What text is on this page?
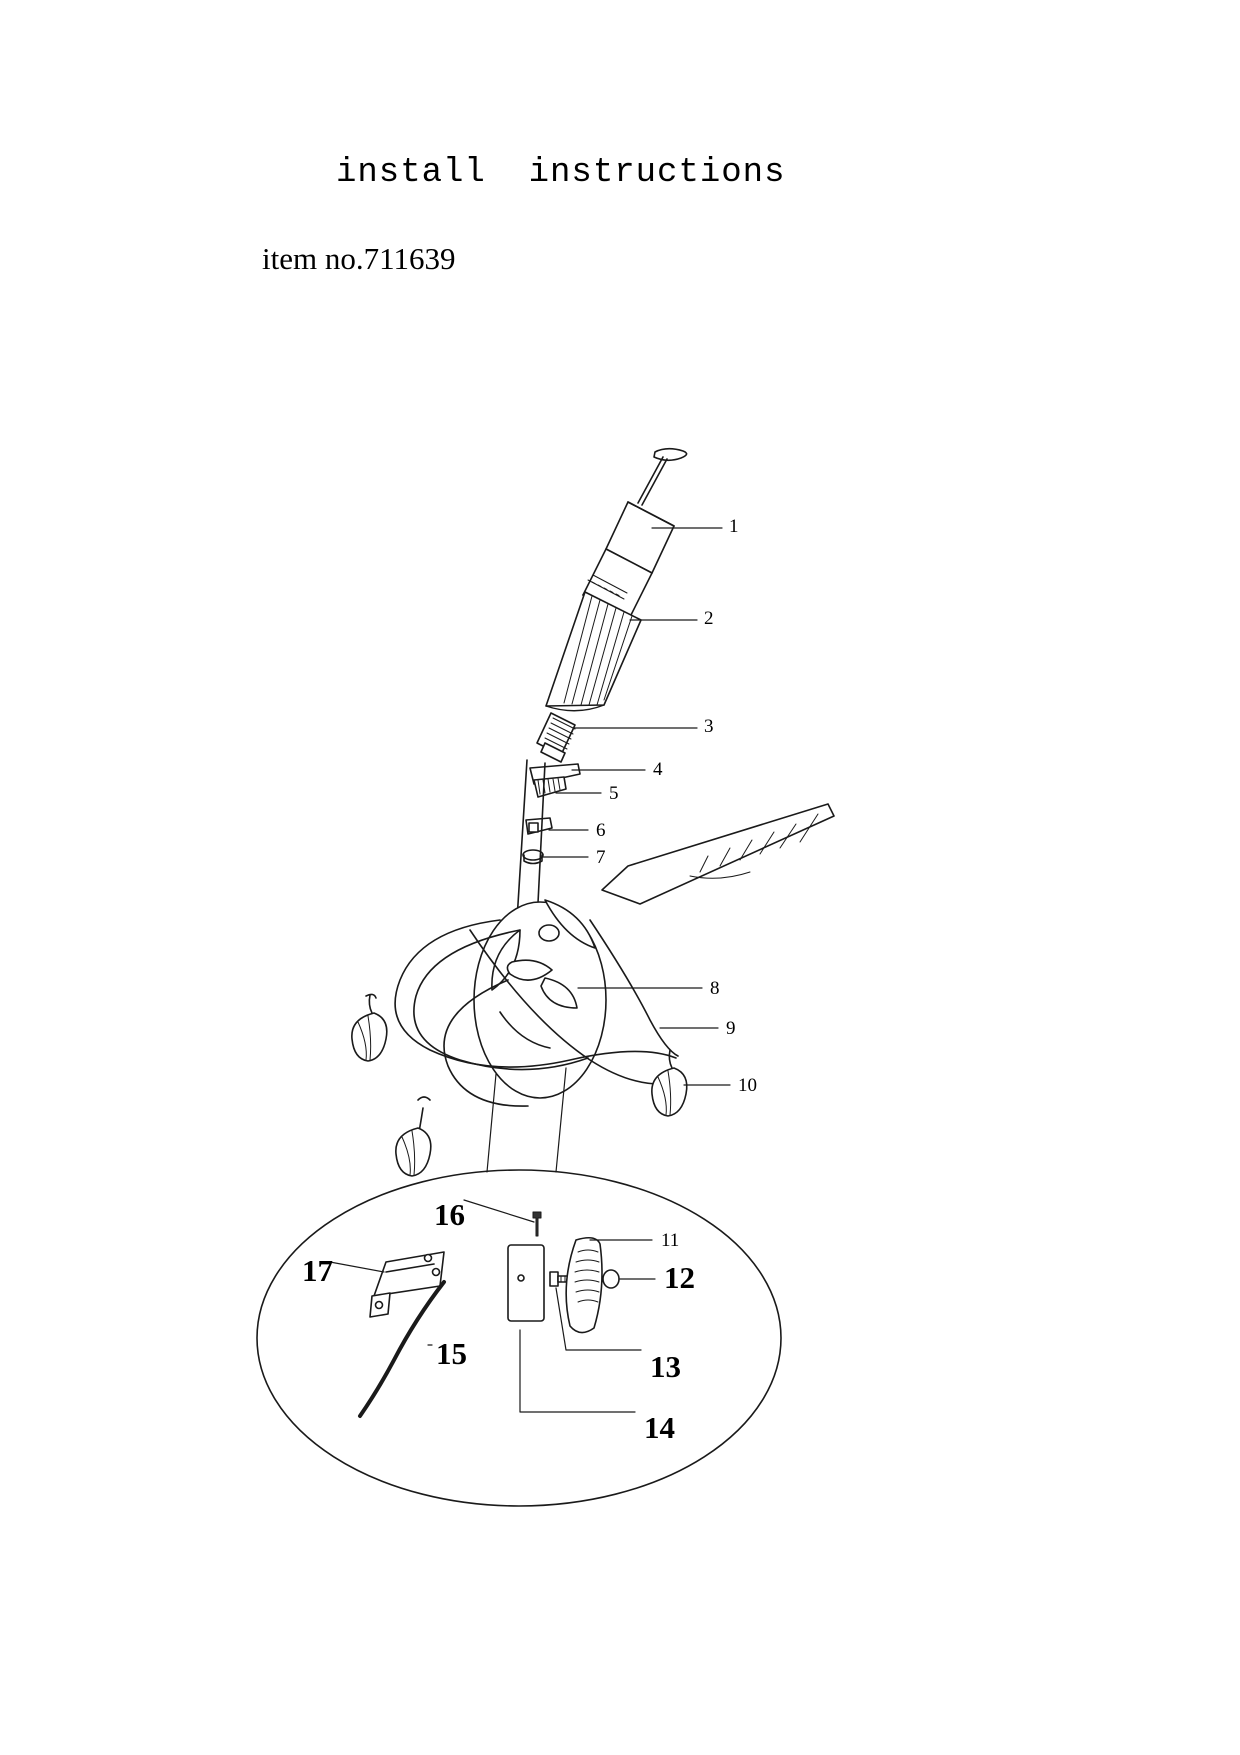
install  instructions
item no.711639
1
2
3
4
5
6
7
8
9
10
11
12
13
14
15
16
17
